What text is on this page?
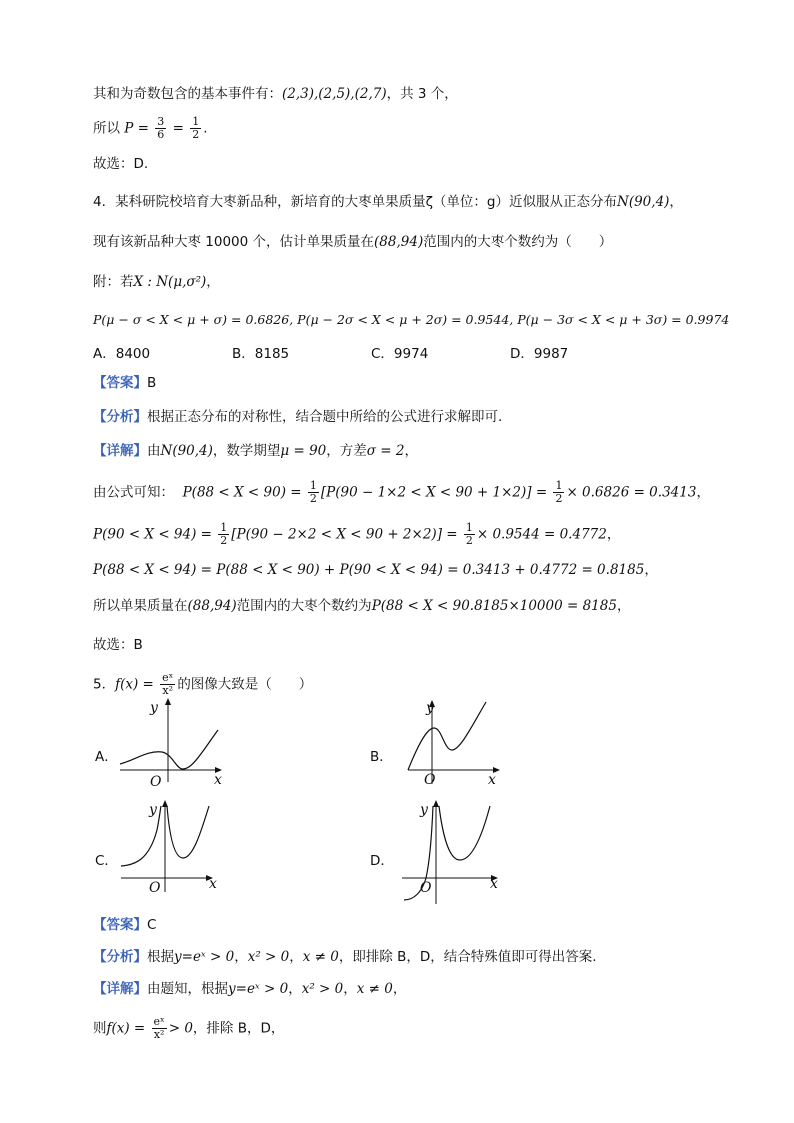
其和为奇数包含的基本事件有：(2,3),(2,5),(2,7)，共 3 个，
所以 $P = \frac{3}{6} = \frac{1}{2}$ .
故选：D.
4．某科研院校培育大枣新品种，新培育的大枣单果质量ζ（单位：g）近似服从正态分布N(90,4)，
现有该新品种大枣 10000 个，估计单果质量在(88,94)范围内的大枣个数约为（　　）
附：若X : N(μ,σ²)，
P(μ − σ < X < μ + σ) = 0.6826, P(μ − 2σ < X < μ + 2σ) = 0.9544, P(μ − 3σ < X < μ + 3σ) = 0.9974
A．8400	B．8185	C．9974	D．9987
【答案】B
【分析】根据正态分布的对称性，结合题中所给的公式进行求解即可.
【详解】由N(90,4)，数学期望μ = 90，方差σ = 2，
由公式可知： $P(88 < X < 90) = \frac{1}{2} [P(90 - 1\times 2 < X < 90 + 1\times 2)] = \frac{1}{2} \times 0.6826 = 0.3413$，
$P(90 < X < 94) = \frac{1}{2} [P(90 - 2\times 2 < X < 90 + 2\times 2)] = \frac{1}{2} \times 0.9544 = 0.4772$，
P(88 < X < 94) = P(88 < X < 90) + P(90 < X < 94) = 0.3413 + 0.4772 = 0.8185，
所以单果质量在(88,94)范围内的大枣个数约为P(88 < X < 90.8185×10000 = 8185，
故选：B
5．$f(x) = \frac{\text{eˣ}}{\text{x²}}$ 的图像大致是（　　）
A．	B．
C．	D．
y
x
O
y
x
O
y
x
O
y
x
O
【答案】C
【分析】根据y=eˣ > 0，x² > 0，x ≠ 0，即排除 B，D，结合特殊值即可得出答案.
【详解】由题知，根据y=eˣ > 0，x² > 0，x ≠ 0，
则$f(x) = \frac{\text{eˣ}}{\text{x²}} > 0$，排除 B，D，
